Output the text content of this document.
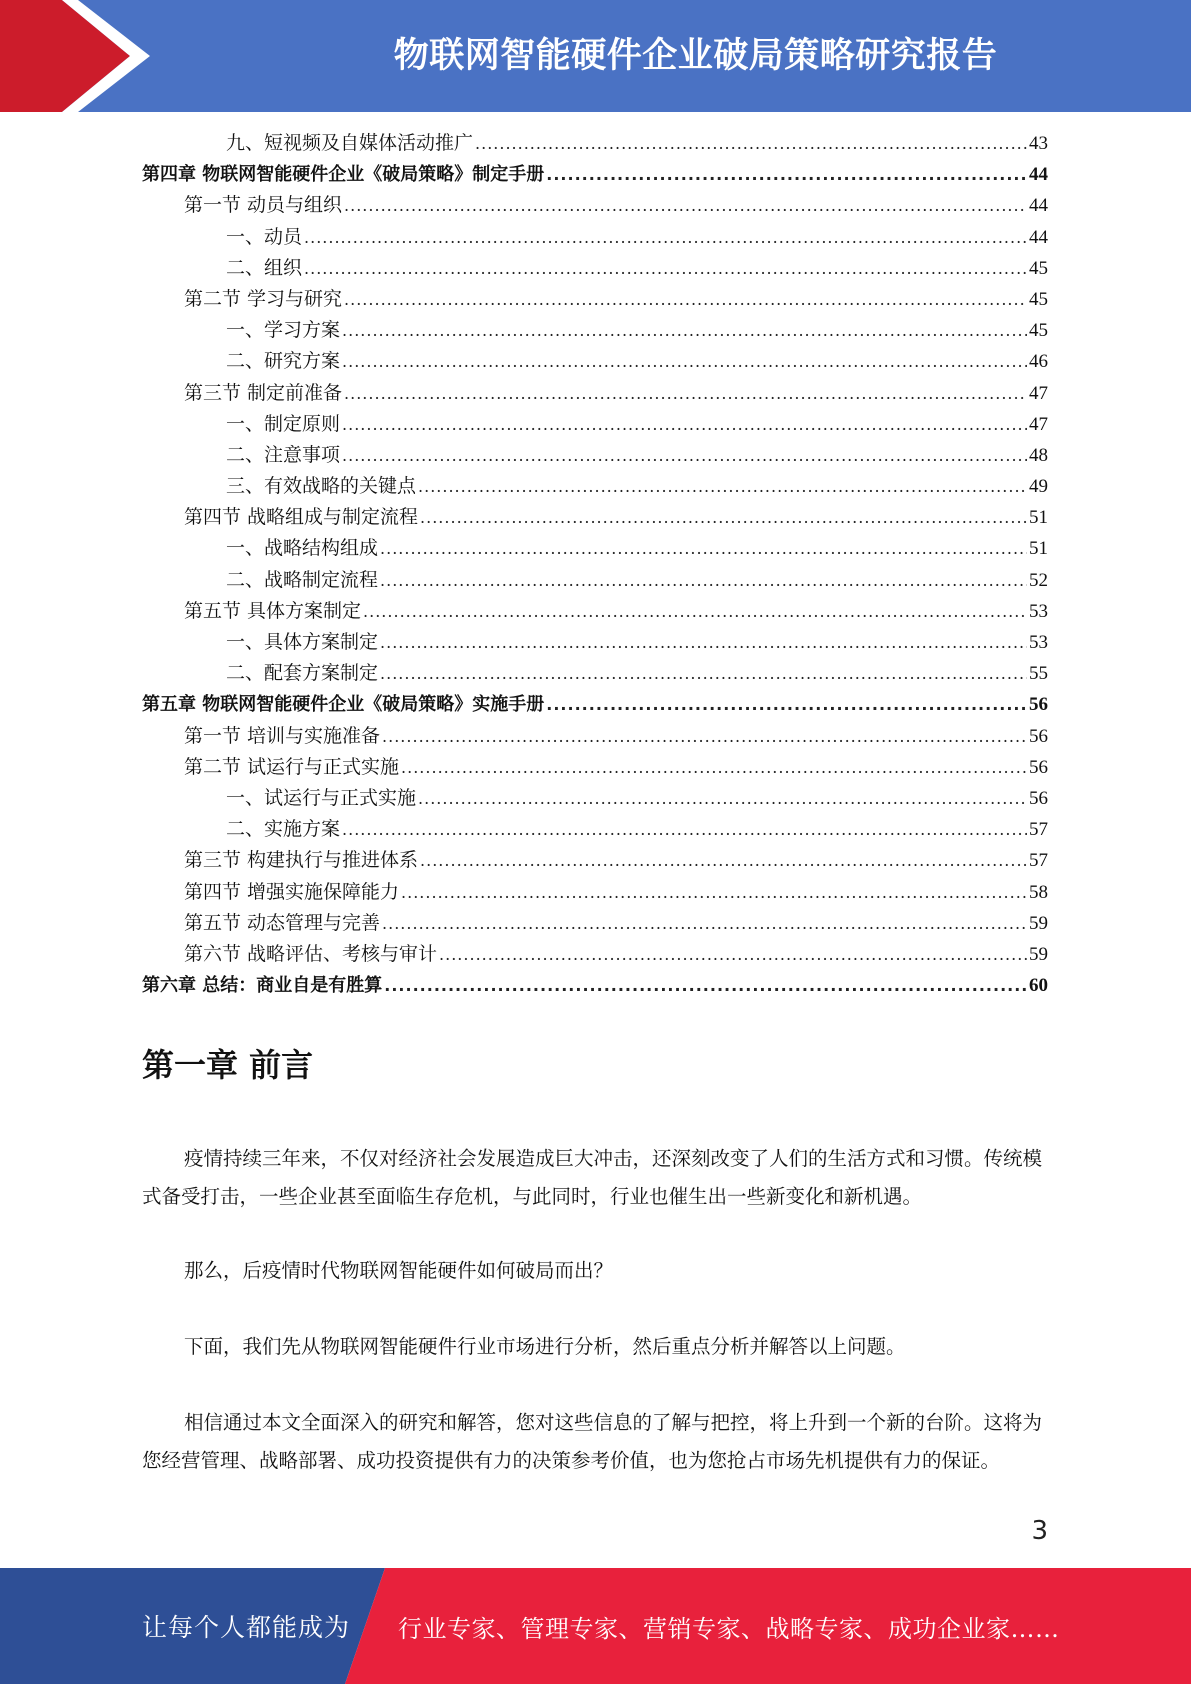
物联网智能硬件企业破局策略研究报告
九、短视频及自媒体活动推广 .....	43
第四章 物联网智能硬件企业《破局策略》制定手册 .....	44
第一节 动员与组织 .....	44
一、动员 .....	44
二、组织 .....	45
第二节 学习与研究 .....	45
一、学习方案 .....	45
二、研究方案 .....	46
第三节 制定前准备 .....	47
一、制定原则 .....	47
二、注意事项 .....	48
三、有效战略的关键点 .....	49
第四节 战略组成与制定流程 .....	51
一、战略结构组成 .....	51
二、战略制定流程 .....	52
第五节 具体方案制定 .....	53
一、具体方案制定 .....	53
二、配套方案制定 .....	55
第五章 物联网智能硬件企业《破局策略》实施手册 .....	56
第一节 培训与实施准备 .....	56
第二节 试运行与正式实施 .....	56
一、试运行与正式实施 .....	56
二、实施方案 .....	57
第三节 构建执行与推进体系 .....	57
第四节 增强实施保障能力 .....	58
第五节 动态管理与完善 .....	59
第六节 战略评估、考核与审计 .....	59
第六章 总结：商业自是有胜算 .....	60
第一章 前言
疫情持续三年来，不仅对经济社会发展造成巨大冲击，还深刻改变了人们的生活方式和习惯。传统模式备受打击，一些企业甚至面临生存危机，与此同时，行业也催生出一些新变化和新机遇。
那么，后疫情时代物联网智能硬件如何破局而出？
下面，我们先从物联网智能硬件行业市场进行分析，然后重点分析并解答以上问题。
相信通过本文全面深入的研究和解答，您对这些信息的了解与把控，将上升到一个新的台阶。这将为您经营管理、战略部署、成功投资提供有力的决策参考价值，也为您抢占市场先机提供有力的保证。
3
让每个人都能成为 行业专家、管理专家、营销专家、战略专家、成功企业家……
